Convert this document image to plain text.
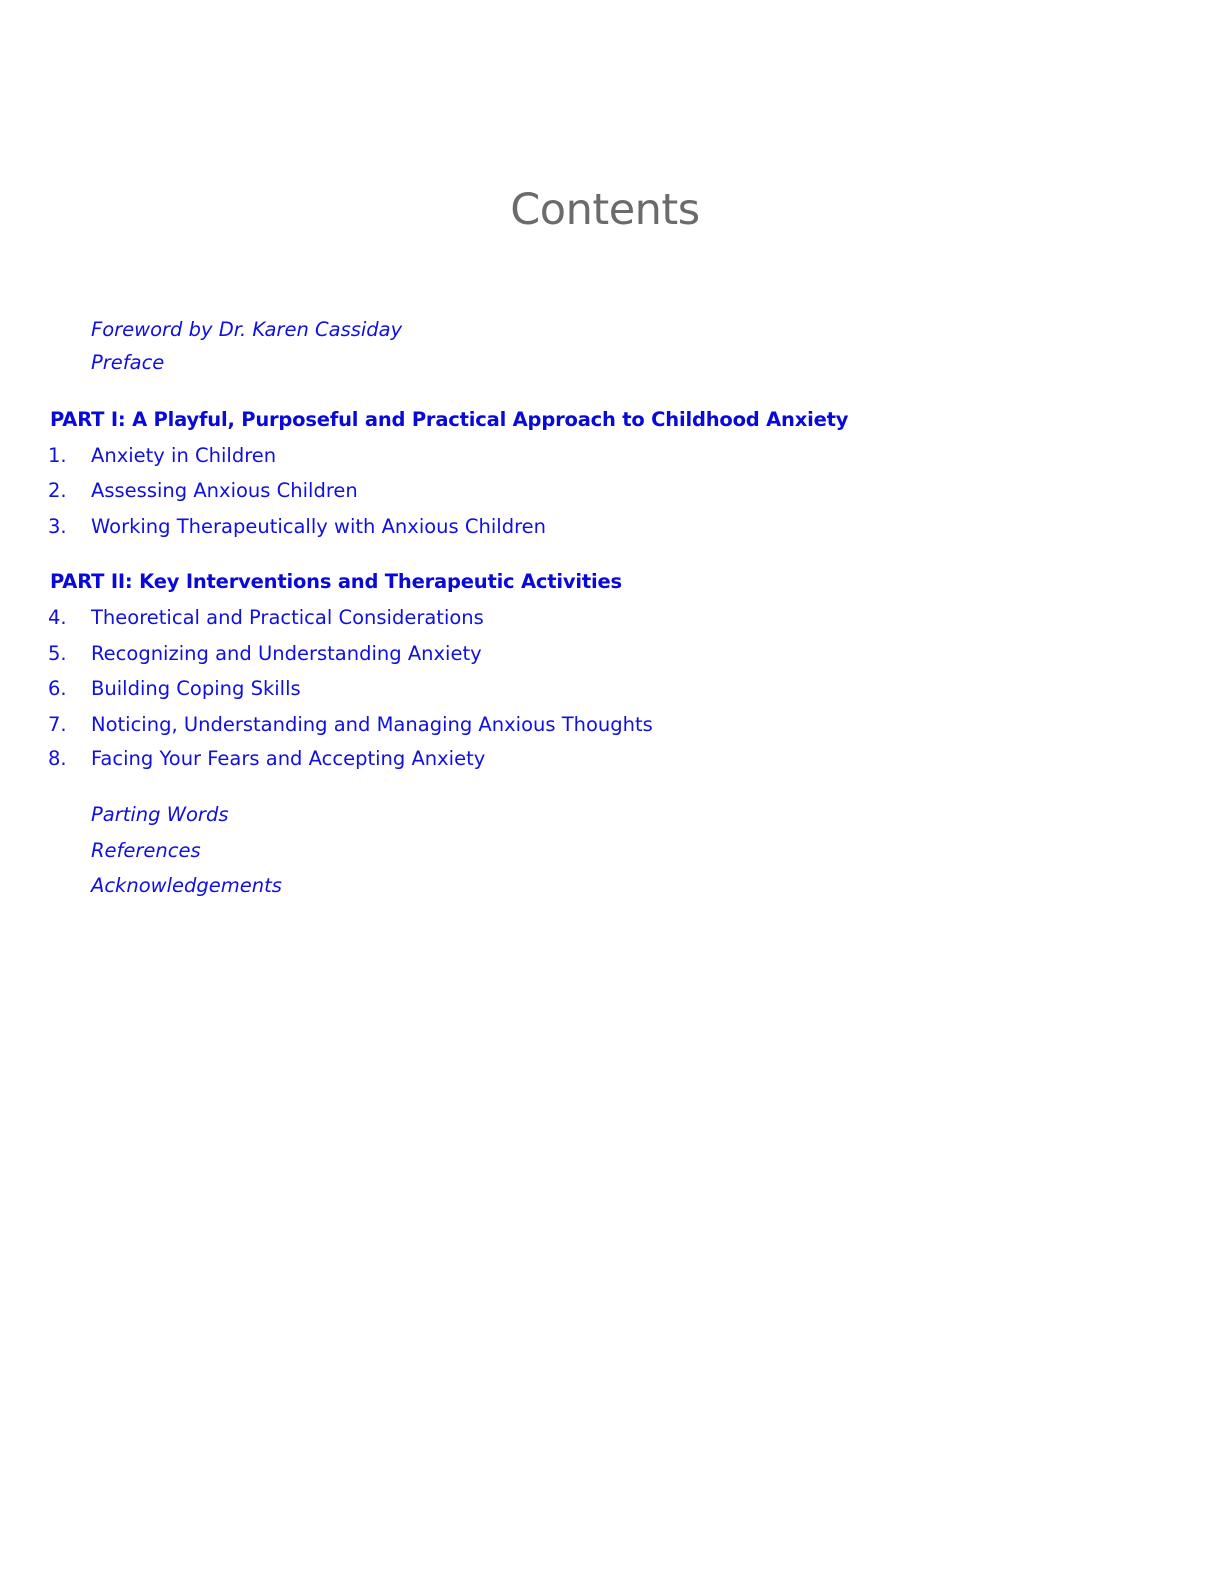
Contents
Foreword by Dr. Karen Cassiday
Preface
PART I: A Playful, Purposeful and Practical Approach to Childhood Anxiety
1. Anxiety in Children
2. Assessing Anxious Children
3. Working Therapeutically with Anxious Children
PART II: Key Interventions and Therapeutic Activities
4. Theoretical and Practical Considerations
5. Recognizing and Understanding Anxiety
6. Building Coping Skills
7. Noticing, Understanding and Managing Anxious Thoughts
8. Facing Your Fears and Accepting Anxiety
Parting Words
References
Acknowledgements
